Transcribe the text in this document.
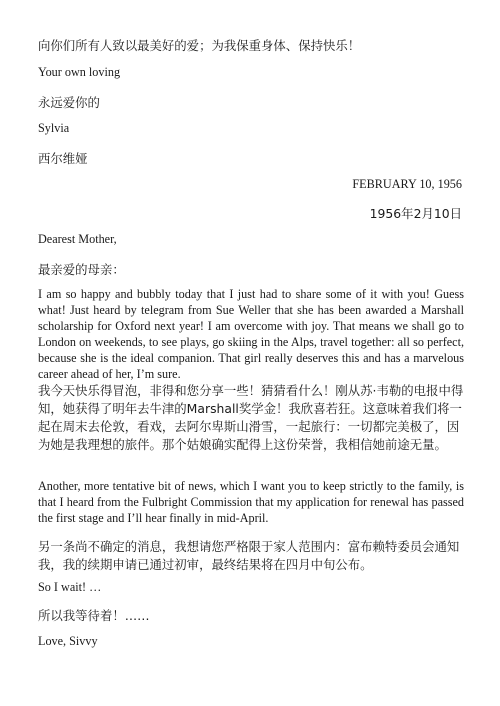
向你们所有人致以最美好的爱；为我保重身体、保持快乐！
Your own loving
永远爱你的
Sylvia
西尔维娅
FEBRUARY 10, 1956
1956年2月10日
Dearest Mother,
最亲爱的母亲：
I am so happy and bubbly today that I just had to share some of it with you! Guess what! Just heard by telegram from Sue Weller that she has been awarded a Marshall scholarship for Oxford next year! I am overcome with joy. That means we shall go to London on weekends, to see plays, go skiing in the Alps, travel together: all so perfect, because she is the ideal companion. That girl really deserves this and has a marvelous career ahead of her, I’m sure.
我今天快乐得冒泡，非得和您分享一些！猜猜看什么！刚从苏·韦勒的电报中得知，她获得了明年去牛津的Marshall奖学金！我欣喜若狂。这意味着我们将一起在周末去伦敦，看戏，去阿尔卑斯山滑雪，一起旅行：一切都完美极了，因为她是我理想的旅伴。那个姑娘确实配得上这份荣誉，我相信她前途无量。
Another, more tentative bit of news, which I want you to keep strictly to the family, is that I heard from the Fulbright Commission that my application for renewal has passed the first stage and I’ll hear finally in mid-April.
另一条尚不确定的消息，我想请您严格限于家人范围内：富布赖特委员会通知我，我的续期申请已通过初审，最终结果将在四月中旬公布。
So I wait! …
所以我等待着！……
Love, Sivvy
